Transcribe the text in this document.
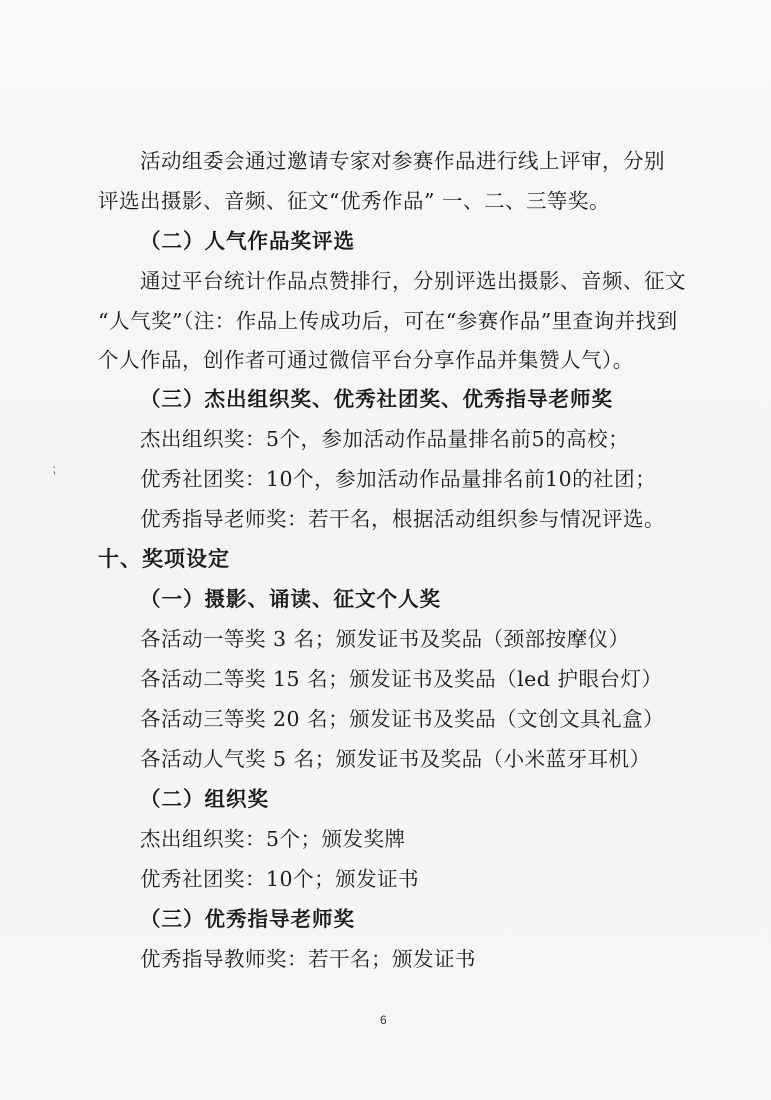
活动组委会通过邀请专家对参赛作品进行线上评审，分别
评选出摄影、音频、征文“优秀作品” 一、二、三等奖。
（二）人气作品奖评选
通过平台统计作品点赞排行，分别评选出摄影、音频、征文
“人气奖”（注：作品上传成功后，可在“参赛作品”里查询并找到
个人作品，创作者可通过微信平台分享作品并集赞人气）。
（三）杰出组织奖、优秀社团奖、优秀指导老师奖
杰出组织奖：5个，参加活动作品量排名前5的高校；
优秀社团奖：10个，参加活动作品量排名前10的社团；
优秀指导老师奖：若干名，根据活动组织参与情况评选。
十、奖项设定
（一）摄影、诵读、征文个人奖
各活动一等奖 3 名；颁发证书及奖品（颈部按摩仪）
各活动二等奖 15 名；颁发证书及奖品（led 护眼台灯）
各活动三等奖 20 名；颁发证书及奖品（文创文具礼盒）
各活动人气奖 5 名；颁发证书及奖品（小米蓝牙耳机）
（二）组织奖
杰出组织奖：5个；颁发奖牌
优秀社团奖：10个；颁发证书
（三）优秀指导老师奖
优秀指导教师奖：若干名；颁发证书
6
⁏
